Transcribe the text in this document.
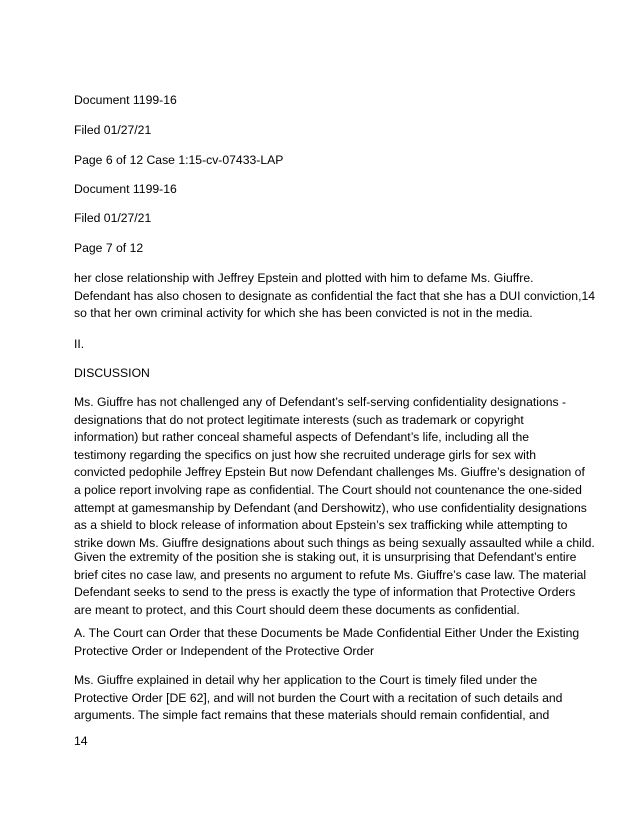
Document 1199-16

Filed 01/27/21

Page 6 of 12 Case 1:15-cv-07433-LAP

Document 1199-16

Filed 01/27/21

Page 7 of 12

her close relationship with Jeffrey Epstein and plotted with him to defame Ms. Giuffre.
Defendant has also chosen to designate as confidential the fact that she has a DUI conviction,14
so that her own criminal activity for which she has been convicted is not in the media.

II.

DISCUSSION

Ms. Giuffre has not challenged any of Defendant’s self-serving confidentiality designations -
designations that do not protect legitimate interests (such as trademark or copyright
information) but rather conceal shameful aspects of Defendant’s life, including all the
testimony regarding the specifics on just how she recruited underage girls for sex with
convicted pedophile Jeffrey Epstein But now Defendant challenges Ms. Giuffre’s designation of
a police report involving rape as confidential. The Court should not countenance the one-sided
attempt at gamesmanship by Defendant (and Dershowitz), who use confidentiality designations
as a shield to block release of information about Epstein’s sex trafficking while attempting to
strike down Ms. Giuffre designations about such things as being sexually assaulted while a child.
Given the extremity of the position she is staking out, it is unsurprising that Defendant’s entire
brief cites no case law, and presents no argument to refute Ms. Giuffre’s case law. The material
Defendant seeks to send to the press is exactly the type of information that Protective Orders
are meant to protect, and this Court should deem these documents as confidential.
A. The Court can Order that these Documents be Made Confidential Either Under the Existing
Protective Order or Independent of the Protective Order
Ms. Giuffre explained in detail why her application to the Court is timely filed under the
Protective Order [DE 62], and will not burden the Court with a recitation of such details and
arguments. The simple fact remains that these materials should remain confidential, and

14
